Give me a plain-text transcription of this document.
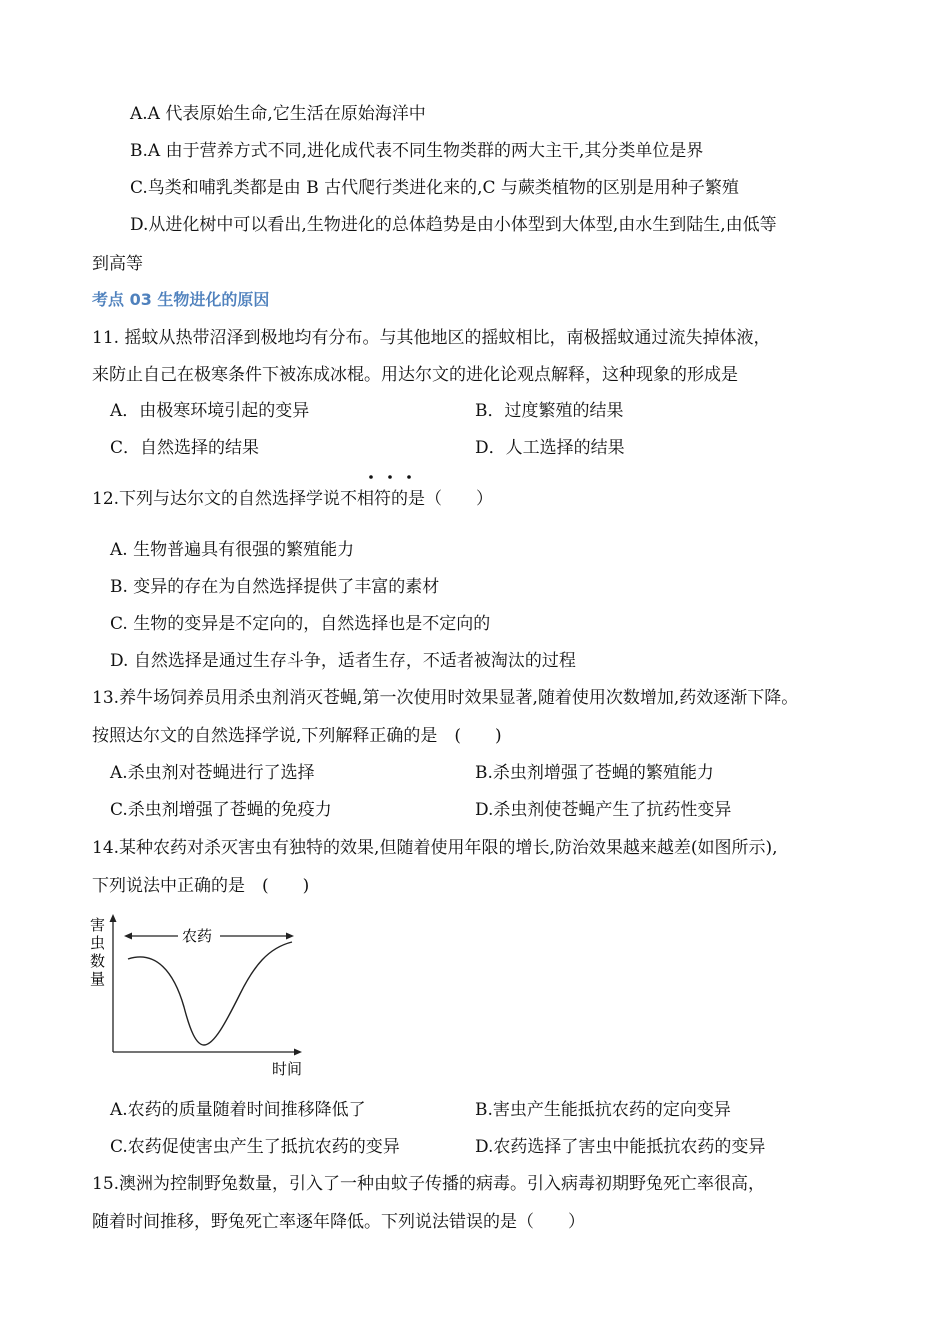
A.A 代表原始生命,它生活在原始海洋中
B.A 由于营养方式不同,进化成代表不同生物类群的两大主干,其分类单位是界
C.鸟类和哺乳类都是由 B 古代爬行类进化来的,C 与蕨类植物的区别是用种子繁殖
D.从进化树中可以看出,生物进化的总体趋势是由小体型到大体型,由水生到陆生,由低等
到高等
考点 03 生物进化的原因
11. 摇蚊从热带沼泽到极地均有分布。与其他地区的摇蚊相比，南极摇蚊通过流失掉体液，
来防止自己在极寒条件下被冻成冰棍。用达尔文的进化论观点解释，这种现象的形成是
A．由极寒环境引起的变异	B．过度繁殖的结果
C．自然选择的结果	D．人工选择的结果
12.下列与达尔文的自然选择学说不相符的是（　　）
A. 生物普遍具有很强的繁殖能力
B. 变异的存在为自然选择提供了丰富的素材
C. 生物的变异是不定向的，自然选择也是不定向的
D. 自然选择是通过生存斗争，适者生存，不适者被淘汰的过程
13.养牛场饲养员用杀虫剂消灭苍蝇,第一次使用时效果显著,随着使用次数增加,药效逐渐下降。
按照达尔文的自然选择学说,下列解释正确的是　(　　)
A.杀虫剂对苍蝇进行了选择	B.杀虫剂增强了苍蝇的繁殖能力
C.杀虫剂增强了苍蝇的免疫力	D.杀虫剂使苍蝇产生了抗药性变异
14.某种农药对杀灭害虫有独特的效果,但随着使用年限的增长,防治效果越来越差(如图所示),
下列说法中正确的是　(　　)
害
虫
数
量
农药
时间
A.农药的质量随着时间推移降低了	B.害虫产生能抵抗农药的定向变异
C.农药促使害虫产生了抵抗农药的变异	D.农药选择了害虫中能抵抗农药的变异
15.澳洲为控制野兔数量，引入了一种由蚊子传播的病毒。引入病毒初期野兔死亡率很高，
随着时间推移，野兔死亡率逐年降低。下列说法错误的是（　　）
